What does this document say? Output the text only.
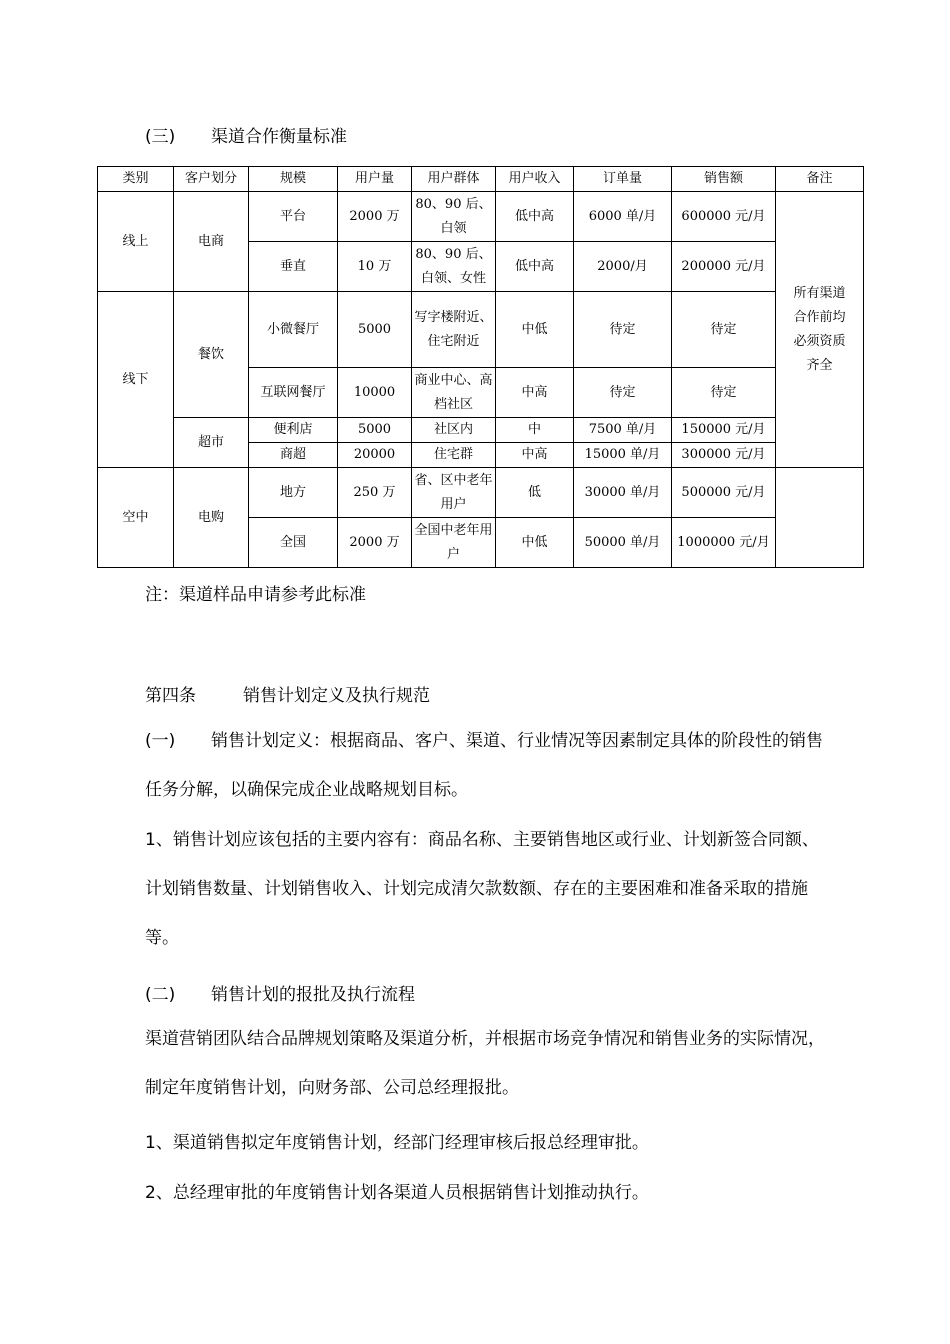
(三) 渠道合作衡量标准
类别	客户划分	规模	用户量	用户群体	用户收入	订单量	销售额	备注
线上	电商	平台	2000 万	80、90 后、白领	低中高	6000 单/月	600000 元/月	所有渠道合作前均必须资质齐全
		垂直	10 万	80、90 后、白领、女性	低中高	2000/月	200000 元/月	
线下	餐饮	小微餐厅	5000	写字楼附近、住宅附近	中低	待定	待定	
		互联网餐厅	10000	商业中心、高档社区	中高	待定	待定	
	超市	便利店	5000	社区内	中	7500 单/月	150000 元/月	
		商超	20000	住宅群	中高	15000 单/月	300000 元/月	
空中	电购	地方	250 万	省、区中老年用户	低	30000 单/月	500000 元/月	
		全国	2000 万	全国中老年用户	中低	50000 单/月	1000000 元/月	
注：渠道样品申请参考此标准
第四条	销售计划定义及执行规范
(一) 销售计划定义：根据商品、客户、渠道、行业情况等因素制定具体的阶段性的销售任务分解，以确保完成企业战略规划目标。
1、销售计划应该包括的主要内容有：商品名称、主要销售地区或行业、计划新签合同额、计划销售数量、计划销售收入、计划完成清欠款数额、存在的主要困难和准备采取的措施等。
(二) 销售计划的报批及执行流程
渠道营销团队结合品牌规划策略及渠道分析，并根据市场竞争情况和销售业务的实际情况，制定年度销售计划，向财务部、公司总经理报批。
1、渠道销售拟定年度销售计划，经部门经理审核后报总经理审批。
2、总经理审批的年度销售计划各渠道人员根据销售计划推动执行。
